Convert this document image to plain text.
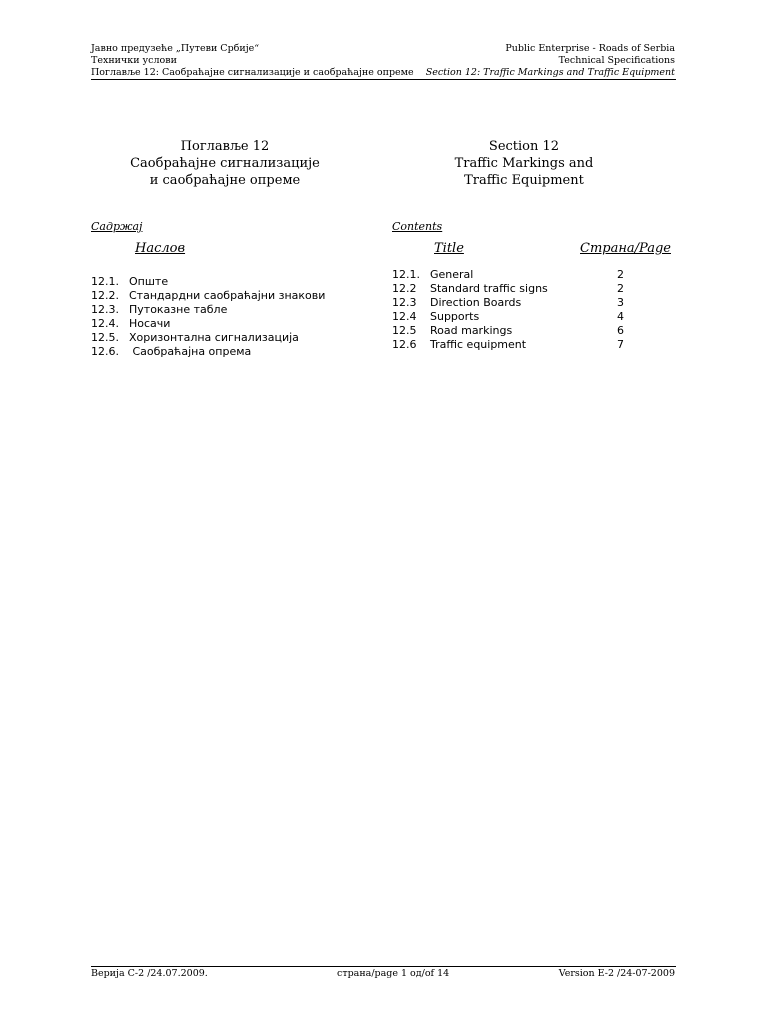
Јавно предузеће „Путеви Србије“
Технички услови
Поглавље 12: Саобраћајне сигнализације и саобраћајне опреме
Public Enterprise - Roads of Serbia
Technical Specifications
Section 12: Traffic Markings and Traffic Equipment
Поглавље 12
Саобраћајне сигнализације
и саобраћајне опреме
Section 12
Traffic Markings and
Traffic Equipment
Садржај	Contents
Наслов	Title	Страна/Page
12.1. Опште
12.2. Стандардни саобраћајни знакови
12.3. Путоказне табле
12.4. Носачи
12.5. Хоризонтална сигнализација
12.6. Саобраћајна опрема
12.1. General	2
12.2 Standard traffic signs	2
12.3 Direction Boards	3
12.4 Supports	4
12.5 Road markings	6
12.6 Traffic equipment	7
Верија С-2 /24.07.2009.	страна/page 1 од/of 14	Version E-2 /24-07-2009
